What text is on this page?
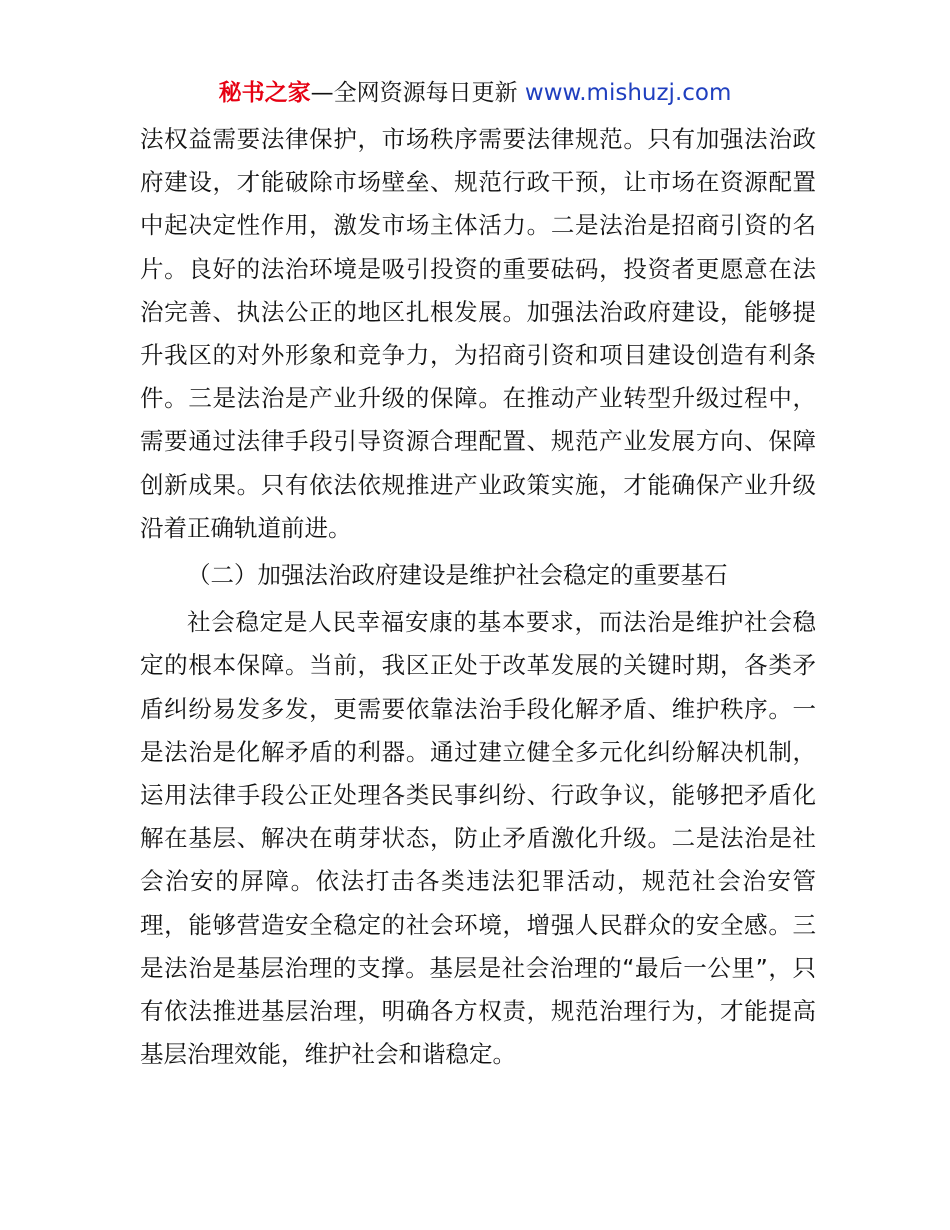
秘书之家—全网资源每日更新 www.mishuzj.com

法权益需要法律保护，市场秩序需要法律规范。只有加强法治政府建设，才能破除市场壁垒、规范行政干预，让市场在资源配置中起决定性作用，激发市场主体活力。二是法治是招商引资的名片。良好的法治环境是吸引投资的重要砝码，投资者更愿意在法治完善、执法公正的地区扎根发展。加强法治政府建设，能够提升我区的对外形象和竞争力，为招商引资和项目建设创造有利条件。三是法治是产业升级的保障。在推动产业转型升级过程中，需要通过法律手段引导资源合理配置、规范产业发展方向、保障创新成果。只有依法依规推进产业政策实施，才能确保产业升级沿着正确轨道前进。

（二）加强法治政府建设是维护社会稳定的重要基石

社会稳定是人民幸福安康的基本要求，而法治是维护社会稳定的根本保障。当前，我区正处于改革发展的关键时期，各类矛盾纠纷易发多发，更需要依靠法治手段化解矛盾、维护秩序。一是法治是化解矛盾的利器。通过建立健全多元化纠纷解决机制，运用法律手段公正处理各类民事纠纷、行政争议，能够把矛盾化解在基层、解决在萌芽状态，防止矛盾激化升级。二是法治是社会治安的屏障。依法打击各类违法犯罪活动，规范社会治安管理，能够营造安全稳定的社会环境，增强人民群众的安全感。三是法治是基层治理的支撑。基层是社会治理的“最后一公里”，只有依法推进基层治理，明确各方权责，规范治理行为，才能提高基层治理效能，维护社会和谐稳定。
